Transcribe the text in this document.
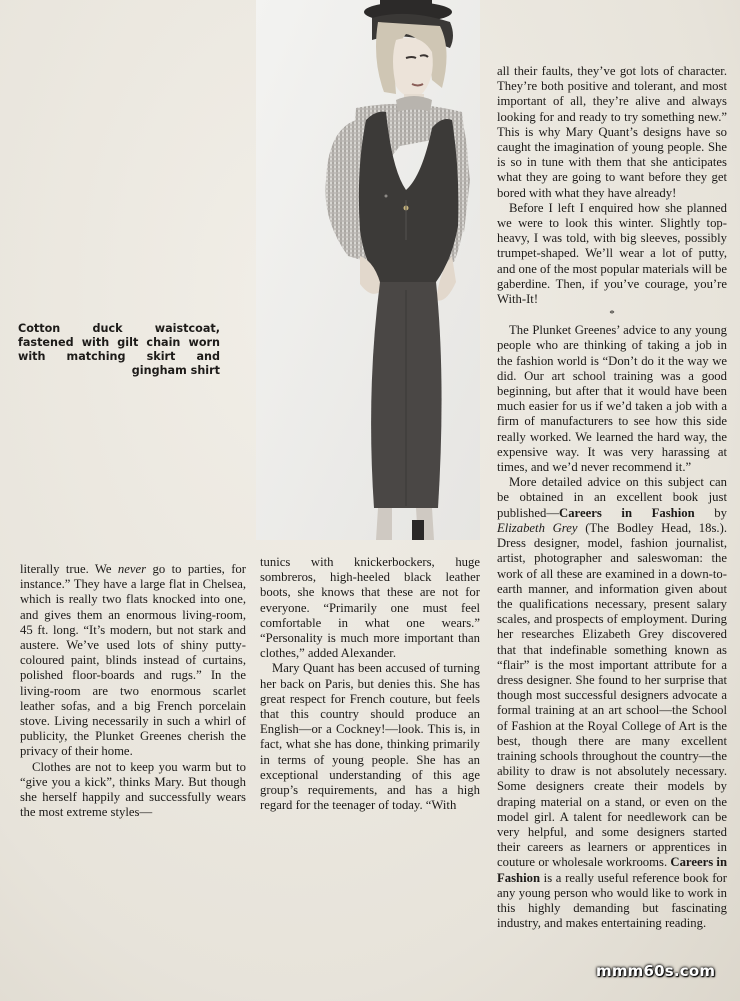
Cotton duck waistcoat, fastened with gilt chain worn with matching skirt and gingham shirt

literally true. We never go to parties, for instance.” They have a large flat in Chelsea, which is really two flats knocked into one, and gives them an enormous living-room, 45 ft. long. “It’s modern, but not stark and austere. We’ve used lots of shiny putty-coloured paint, blinds instead of curtains, polished floor-boards and rugs.” In the living-room are two enormous scarlet leather sofas, and a big French porcelain stove. Living necessarily in such a whirl of publicity, the Plunket Greenes cherish the privacy of their home.

Clothes are not to keep you warm but to “give you a kick”, thinks Mary. But though she herself happily and successfully wears the most extreme styles—

tunics with knickerbockers, huge sombreros, high-heeled black leather boots, she knows that these are not for everyone. “Primarily one must feel comfortable in what one wears.” “Personality is much more important than clothes,” added Alexander.

Mary Quant has been accused of turning her back on Paris, but denies this. She has great respect for French couture, but feels that this country should produce an English—or a Cockney!—look. This is, in fact, what she has done, thinking primarily in terms of young people. She has an exceptional understanding of this age group’s requirements, and has a high regard for the teenager of today. “With

all their faults, they’ve got lots of character. They’re both positive and tolerant, and most important of all, they’re alive and always looking for and ready to try something new.” This is why Mary Quant’s designs have so caught the imagination of young people. She is so in tune with them that she anticipates what they are going to want before they get bored with what they have already!

Before I left I enquired how she planned we were to look this winter. Slightly top-heavy, I was told, with big sleeves, possibly trumpet-shaped. We’ll wear a lot of putty, and one of the most popular materials will be gaberdine. Then, if you’ve courage, you’re With-It!

*

The Plunket Greenes’ advice to any young people who are thinking of taking a job in the fashion world is “Don’t do it the way we did. Our art school training was a good beginning, but after that it would have been much easier for us if we’d taken a job with a firm of manufacturers to see how this side really worked. We learned the hard way, the expensive way. It was very harassing at times, and we’d never recommend it.”

More detailed advice on this subject can be obtained in an excellent book just published—Careers in Fashion by Elizabeth Grey (The Bodley Head, 18s.). Dress designer, model, fashion journalist, artist, photographer and saleswoman: the work of all these are examined in a down-to-earth manner, and information given about the qualifications necessary, present salary scales, and prospects of employment. During her researches Elizabeth Grey discovered that that indefinable something known as “flair” is the most important attribute for a dress designer. She found to her surprise that though most successful designers advocate a formal training at an art school—the School of Fashion at the Royal College of Art is the best, though there are many excellent training schools throughout the country—the ability to draw is not absolutely necessary. Some designers create their models by draping material on a stand, or even on the model girl. A talent for needlework can be very helpful, and some designers started their careers as learners or apprentices in couture or wholesale workrooms. Careers in Fashion is a really useful reference book for any young person who would like to work in this highly demanding but fascinating industry, and makes entertaining reading.

mmm60s.com
